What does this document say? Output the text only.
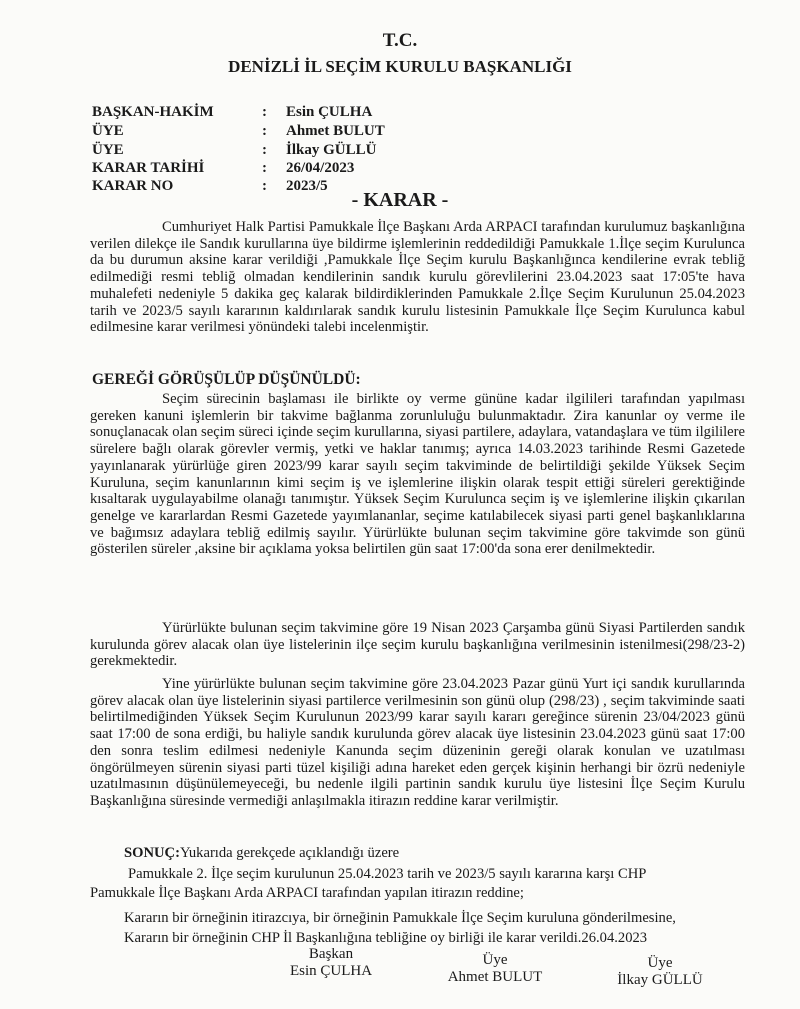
T.C.
DENİZLİ İL SEÇİM KURULU BAŞKANLIĞI
BAŞKAN-HAKİM	: Esin ÇULHA
ÜYE	: Ahmet BULUT
ÜYE	: İlkay GÜLLÜ
KARAR TARİHİ	: 26/04/2023
KARAR NO	: 2023/5
- KARAR -
Cumhuriyet Halk Partisi Pamukkale İlçe Başkanı Arda ARPACI tarafından kurulumuz başkanlığına verilen dilekçe ile Sandık kurullarına üye bildirme işlemlerinin reddedildiği Pamukkale 1.İlçe seçim Kurulunca da bu durumun aksine karar verildiği ,Pamukkale İlçe Seçim kurulu Başkanlığınca kendilerine evrak tebliğ edilmediği resmi tebliğ olmadan kendilerinin sandık kurulu görevlilerini 23.04.2023 saat 17:05'te hava muhalefeti nedeniyle 5 dakika geç kalarak bildirdiklerinden Pamukkale 2.İlçe Seçim Kurulunun 25.04.2023 tarih ve 2023/5 sayılı kararının kaldırılarak sandık kurulu listesinin Pamukkale İlçe Seçim Kurulunca kabul edilmesine karar verilmesi yönündeki talebi incelenmiştir.
GEREĞİ GÖRÜŞÜLÜP DÜŞÜNÜLDÜ:
Seçim sürecinin başlaması ile birlikte oy verme gününe kadar ilgilileri tarafından yapılması gereken kanuni işlemlerin bir takvime bağlanma zorunluluğu bulunmaktadır. Zira kanunlar oy verme ile sonuçlanacak olan seçim süreci içinde seçim kurullarına, siyasi partilere, adaylara, vatandaşlara ve tüm ilgililere sürelere bağlı olarak görevler vermiş, yetki ve haklar tanımış; ayrıca 14.03.2023 tarihinde Resmi Gazetede yayınlanarak yürürlüğe giren 2023/99 karar sayılı seçim takviminde de belirtildiği şekilde Yüksek Seçim Kuruluna, seçim kanunlarının kimi seçim iş ve işlemlerine ilişkin olarak tespit ettiği süreleri gerektiğinde kısaltarak uygulayabilme olanağı tanımıştır. Yüksek Seçim Kurulunca seçim iş ve işlemlerine ilişkin çıkarılan genelge ve kararlardan Resmi Gazetede yayımlananlar, seçime katılabilecek siyasi parti genel başkanlıklarına ve bağımsız adaylara tebliğ edilmiş sayılır. Yürürlükte bulunan seçim takvimine göre takvimde son günü gösterilen süreler ,aksine bir açıklama yoksa belirtilen gün saat 17:00'da sona erer denilmektedir.
Yürürlükte bulunan seçim takvimine göre 19 Nisan 2023 Çarşamba günü Siyasi Partilerden sandık kurulunda görev alacak olan üye listelerinin ilçe seçim kurulu başkanlığına verilmesinin istenilmesi(298/23-2) gerekmektedir.
Yine yürürlükte bulunan seçim takvimine göre 23.04.2023 Pazar günü Yurt içi sandık kurullarında görev alacak olan üye listelerinin siyasi partilerce verilmesinin son günü olup (298/23) , seçim takviminde saati belirtilmediğinden Yüksek Seçim Kurulunun 2023/99 karar sayılı kararı gereğince sürenin 23/04/2023 günü saat 17:00 de sona erdiği, bu haliyle sandık kurulunda görev alacak üye listesinin 23.04.2023 günü saat 17:00 den sonra teslim edilmesi nedeniyle Kanunda seçim düzeninin gereği olarak konulan ve uzatılması öngörülmeyen sürenin siyasi parti tüzel kişiliği adına hareket eden gerçek kişinin herhangi bir özrü nedeniyle uzatılmasının düşünülemeyeceği, bu nedenle ilgili partinin sandık kurulu üye listesini İlçe Seçim Kurulu Başkanlığına süresinde vermediği anlaşılmakla itirazın reddine karar verilmiştir.
SONUÇ:Yukarıda gerekçede açıklandığı üzere
Pamukkale 2. İlçe seçim kurulunun 25.04.2023 tarih ve 2023/5 sayılı kararına karşı CHP
Pamukkale İlçe Başkanı Arda ARPACI tarafından yapılan itirazın reddine;
Kararın bir örneğinin itirazcıya, bir örneğinin Pamukkale İlçe Seçim kuruluna gönderilmesine,
Kararın bir örneğinin CHP İl Başkanlığına tebliğine oy birliği ile karar verildi.26.04.2023
Başkan
Esin ÇULHA
Üye
Ahmet BULUT
Üye
İlkay GÜLLÜ
